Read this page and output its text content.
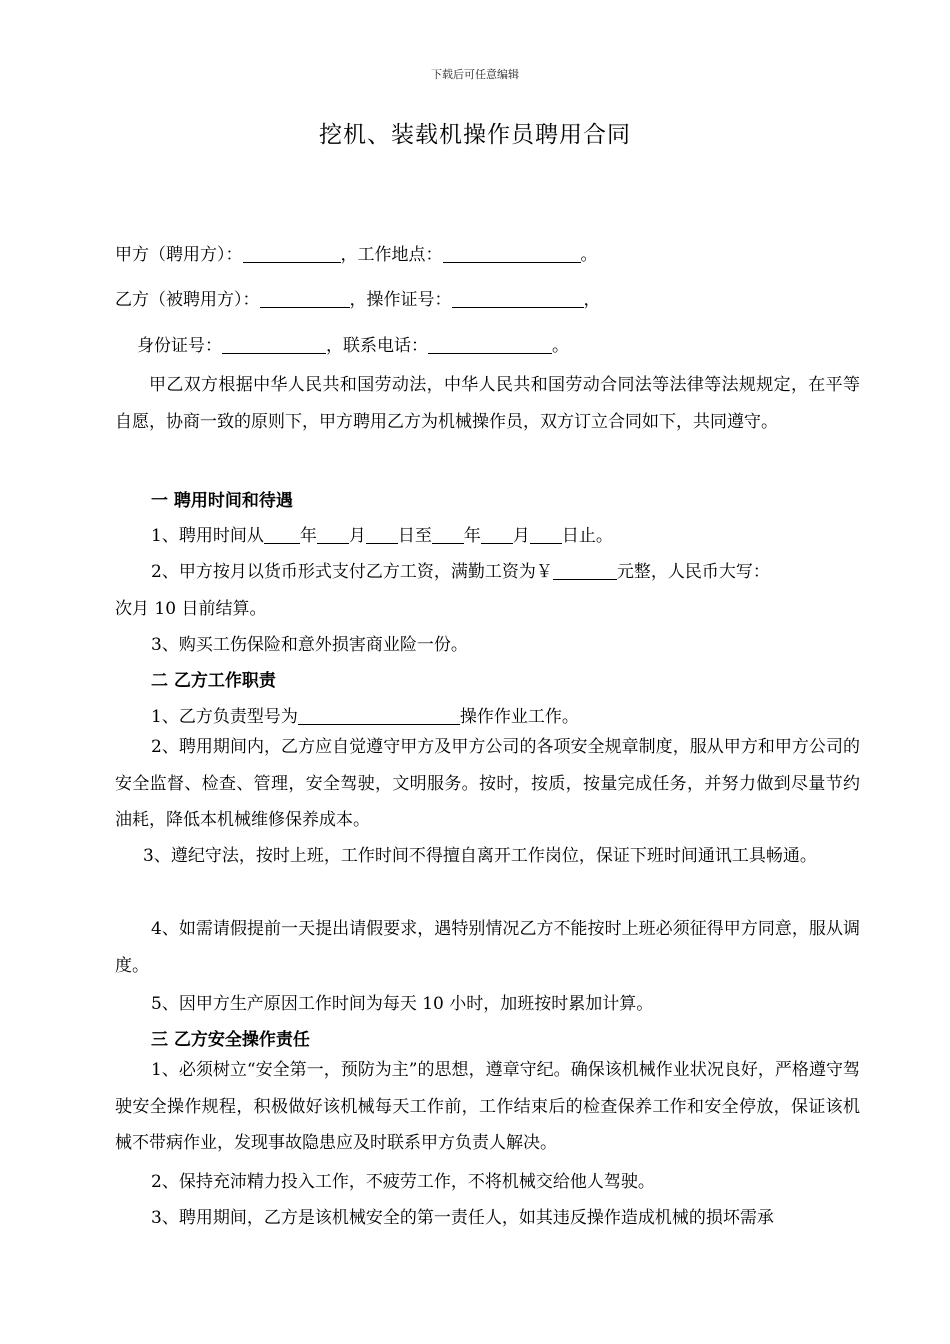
下载后可任意编辑
挖机、装载机操作员聘用合同
甲方（聘用方）：	，工作地点：	。
乙方（被聘用方）：	，操作证号：	，
身份证号：	，联系电话：	。
甲乙双方根据中华人民共和国劳动法，中华人民共和国劳动合同法等法律等法规规定，在平等自愿，协商一致的原则下，甲方聘用乙方为机械操作员，双方订立合同如下，共同遵守。
一 聘用时间和待遇
1、聘用时间从 年 月 日至 年 月 日止。
2、甲方按月以货币形式支付乙方工资，满勤工资为￥	元整，人民币大写：
次月 10 日前结算。
3、购买工伤保险和意外损害商业险一份。
二 乙方工作职责
1、乙方负责型号为	操作作业工作。
2、聘用期间内，乙方应自觉遵守甲方及甲方公司的各项安全规章制度，服从甲方和甲方公司的安全监督、检查、管理，安全驾驶，文明服务。按时，按质，按量完成任务，并努力做到尽量节约油耗，降低本机械维修保养成本。
3、遵纪守法，按时上班，工作时间不得擅自离开工作岗位，保证下班时间通讯工具畅通。
4、如需请假提前一天提出请假要求，遇特别情况乙方不能按时上班必须征得甲方同意，服从调度。
5、因甲方生产原因工作时间为每天 10 小时，加班按时累加计算。
三 乙方安全操作责任
1、必须树立“安全第一，预防为主”的思想，遵章守纪。确保该机械作业状况良好，严格遵守驾驶安全操作规程，积极做好该机械每天工作前，工作结束后的检查保养工作和安全停放，保证该机械不带病作业，发现事故隐患应及时联系甲方负责人解决。
2、保持充沛精力投入工作，不疲劳工作，不将机械交给他人驾驶。
3、聘用期间，乙方是该机械安全的第一责任人，如其违反操作造成机械的损坏需承
